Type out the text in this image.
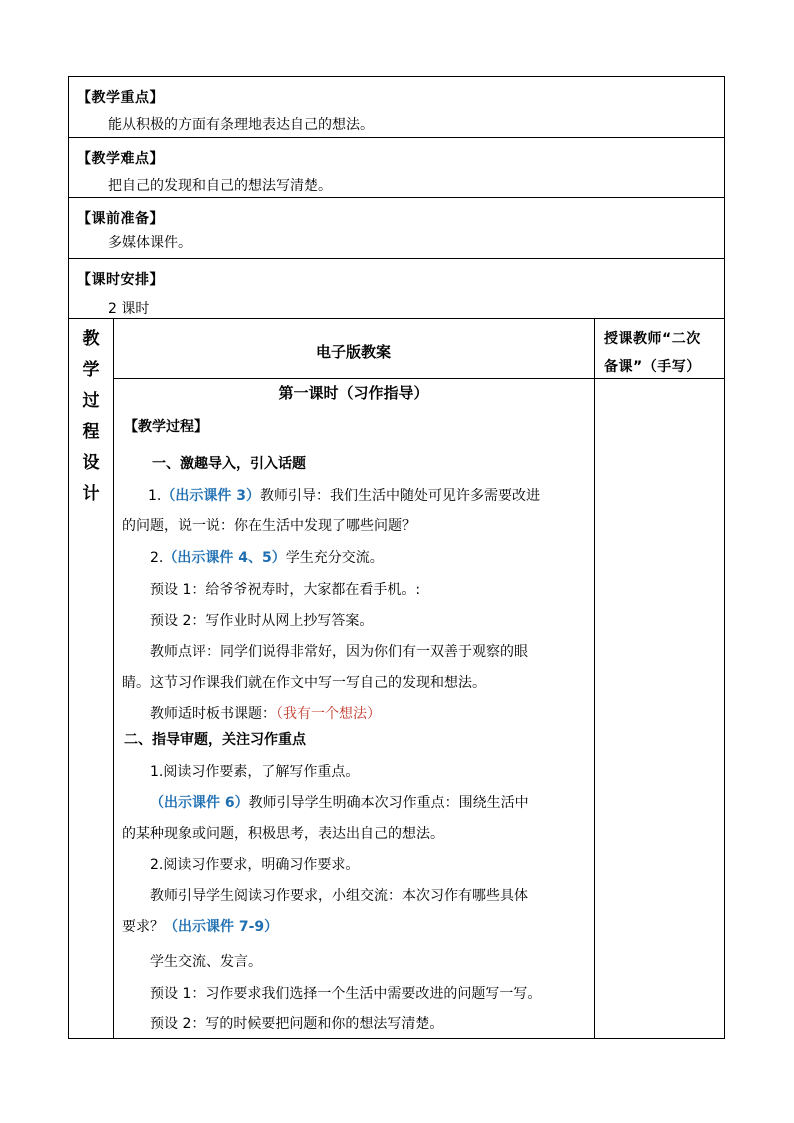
【教学重点】
能从积极的方面有条理地表达自己的想法。
【教学难点】
把自己的发现和自己的想法写清楚。
【课前准备】
多媒体课件。
【课时安排】
2 课时
教
学
过
程
设
计
电子版教案
授课教师“二次
备课”（手写）
第一课时（习作指导）
【教学过程】
一、激趣导入，引入话题
1.（出示课件 3）教师引导：我们生活中随处可见许多需要改进
的问题，说一说：你在生活中发现了哪些问题？
2.（出示课件 4、5）学生充分交流。
预设 1：给爷爷祝寿时，大家都在看手机。:
预设 2：写作业时从网上抄写答案。
教师点评：同学们说得非常好，因为你们有一双善于观察的眼
睛。这节习作课我们就在作文中写一写自己的发现和想法。
教师适时板书课题：（我有一个想法）
二、指导审题，关注习作重点
1.阅读习作要素，了解写作重点。
（出示课件 6）教师引导学生明确本次习作重点：围绕生活中
的某种现象或问题，积极思考，表达出自己的想法。
2.阅读习作要求，明确习作要求。
教师引导学生阅读习作要求，小组交流：本次习作有哪些具体
要求？（出示课件 7-9）
学生交流、发言。
预设 1：习作要求我们选择一个生活中需要改进的问题写一写。
预设 2：写的时候要把问题和你的想法写清楚。
